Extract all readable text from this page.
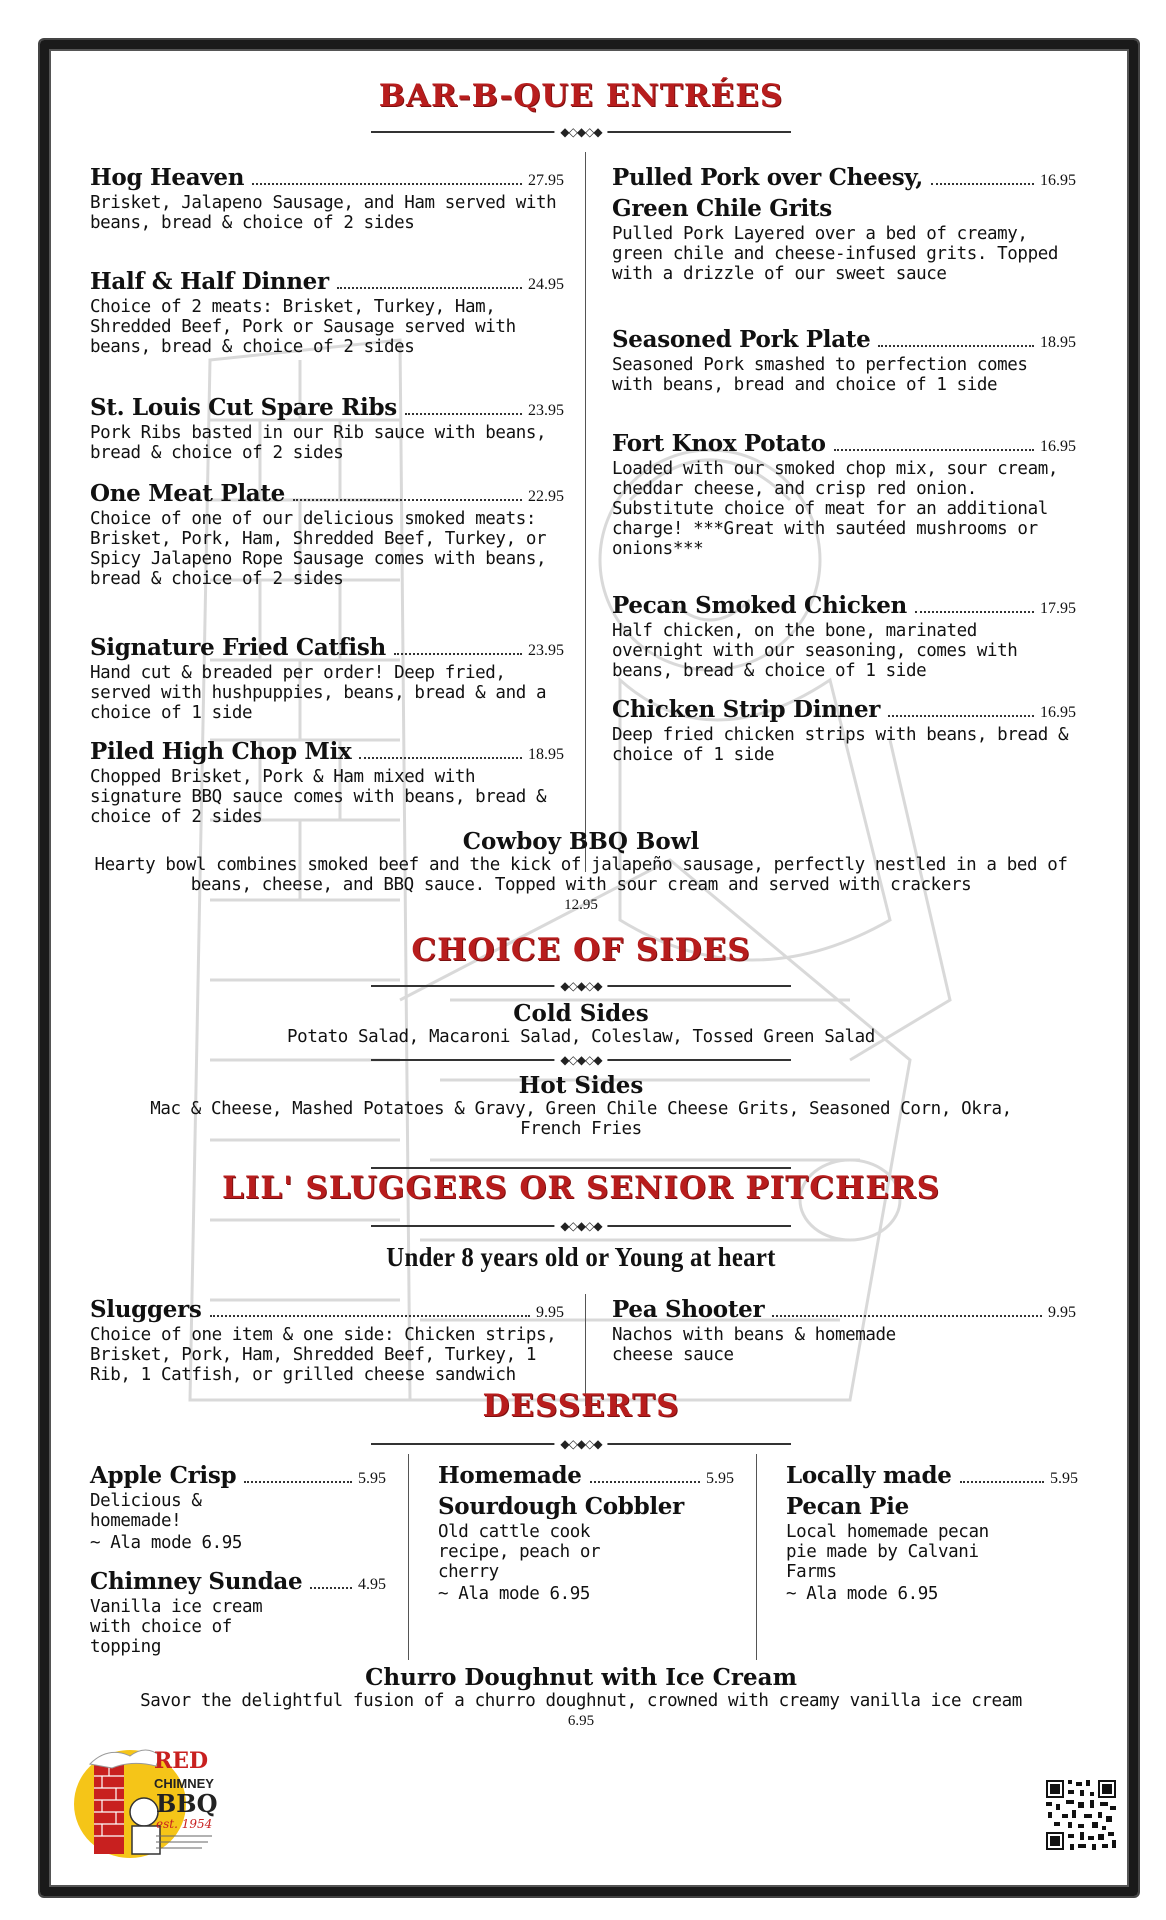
BAR-B-QUE ENTRÉES
◆◇◆◇◆
Hog Heaven	27.95
Brisket, Jalapeno Sausage, and Ham served with beans, bread & choice of 2 sides
Half & Half Dinner	24.95
Choice of 2 meats: Brisket, Turkey, Ham, Shredded Beef, Pork or Sausage served with beans, bread & choice of 2 sides
St. Louis Cut Spare Ribs	23.95
Pork Ribs basted in our Rib sauce with beans, bread & choice of 2 sides
One Meat Plate	22.95
Choice of one of our delicious smoked meats: Brisket, Pork, Ham, Shredded Beef, Turkey, or Spicy Jalapeno Rope Sausage comes with beans, bread & choice of 2 sides
Signature Fried Catfish	23.95
Hand cut & breaded per order! Deep fried, served with hushpuppies, beans, bread & and a choice of 1 side
Piled High Chop Mix	18.95
Chopped Brisket, Pork & Ham mixed with signature BBQ sauce comes with beans, bread & choice of 2 sides
Pulled Pork over Cheesy,	16.95
Green Chile Grits
Pulled Pork Layered over a bed of creamy, green chile and cheese-infused grits. Topped with a drizzle of our sweet sauce
Seasoned Pork Plate	18.95
Seasoned Pork smashed to perfection comes with beans, bread and choice of 1 side
Fort Knox Potato	16.95
Loaded with our smoked chop mix, sour cream, cheddar cheese, and crisp red onion. Substitute choice of meat for an additional charge! ***Great with sautéed mushrooms or onions***
Pecan Smoked Chicken	17.95
Half chicken, on the bone, marinated overnight with our seasoning, comes with beans, bread & choice of 1 side
Chicken Strip Dinner	16.95
Deep fried chicken strips with beans, bread & choice of 1 side
Cowboy BBQ Bowl
Hearty bowl combines smoked beef and the kick of jalapeño sausage, perfectly nestled in a bed of beans, cheese, and BBQ sauce. Topped with sour cream and served with crackers
12.95
CHOICE OF SIDES
◆◇◆◇◆
Cold Sides
Potato Salad, Macaroni Salad, Coleslaw, Tossed Green Salad
◆◇◆◇◆
Hot Sides
Mac & Cheese, Mashed Potatoes & Gravy, Green Chile Cheese Grits, Seasoned Corn, Okra, French Fries
LIL' SLUGGERS OR SENIOR PITCHERS
◆◇◆◇◆
Under 8 years old or Young at heart
Sluggers	9.95
Choice of one item & one side: Chicken strips, Brisket, Pork, Ham, Shredded Beef, Turkey, 1 Rib, 1 Catfish, or grilled cheese sandwich
Pea Shooter	9.95
Nachos with beans & homemade cheese sauce
DESSERTS
◆◇◆◇◆
Apple Crisp	5.95
Delicious & homemade!
~ Ala mode 6.95
Chimney Sundae	4.95
Vanilla ice cream with choice of topping
Homemade	5.95
Sourdough Cobbler
Old cattle cook recipe, peach or cherry
~ Ala mode 6.95
Locally made	5.95
Pecan Pie
Local homemade pecan pie made by Calvani Farms
~ Ala mode 6.95
Churro Doughnut with Ice Cream
Savor the delightful fusion of a churro doughnut, crowned with creamy vanilla ice cream
6.95
RED
CHIMNEY
BBQ
est. 1954
